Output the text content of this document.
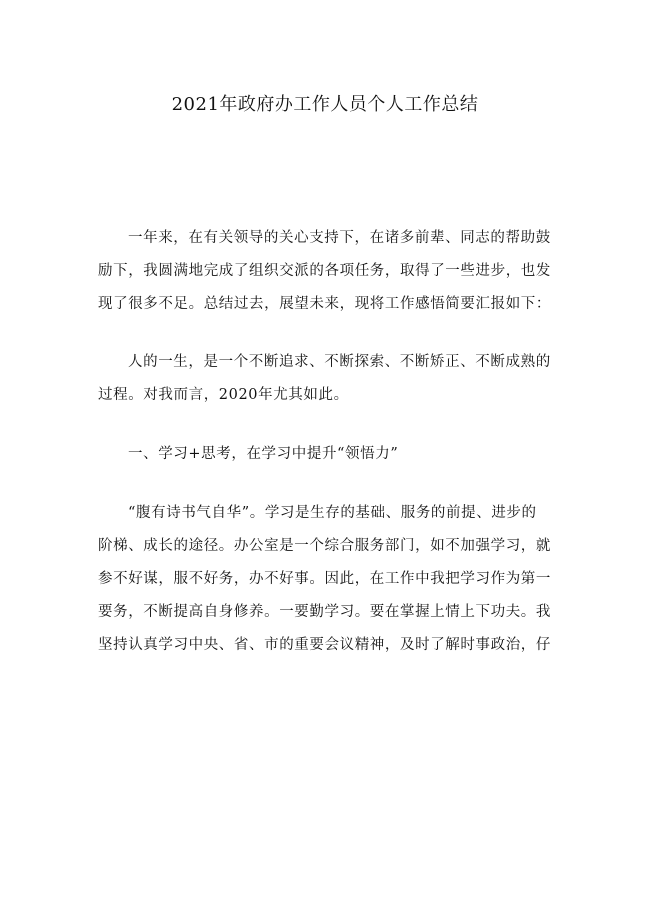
2021年政府办工作人员个人工作总结

一年来，在有关领导的关心支持下，在诸多前辈、同志的帮助鼓
励下，我圆满地完成了组织交派的各项任务，取得了一些进步，也发
现了很多不足。总结过去，展望未来，现将工作感悟简要汇报如下：

人的一生，是一个不断追求、不断探索、不断矫正、不断成熟的
过程。对我而言，2020年尤其如此。

一、学习+思考，在学习中提升“领悟力”

“腹有诗书气自华”。学习是生存的基础、服务的前提、进步的
阶梯、成长的途径。办公室是一个综合服务部门，如不加强学习，就
参不好谋，服不好务，办不好事。因此，在工作中我把学习作为第一
要务，不断提高自身修养。一要勤学习。要在掌握上情上下功夫。我
坚持认真学习中央、省、市的重要会议精神，及时了解时事政治，仔
